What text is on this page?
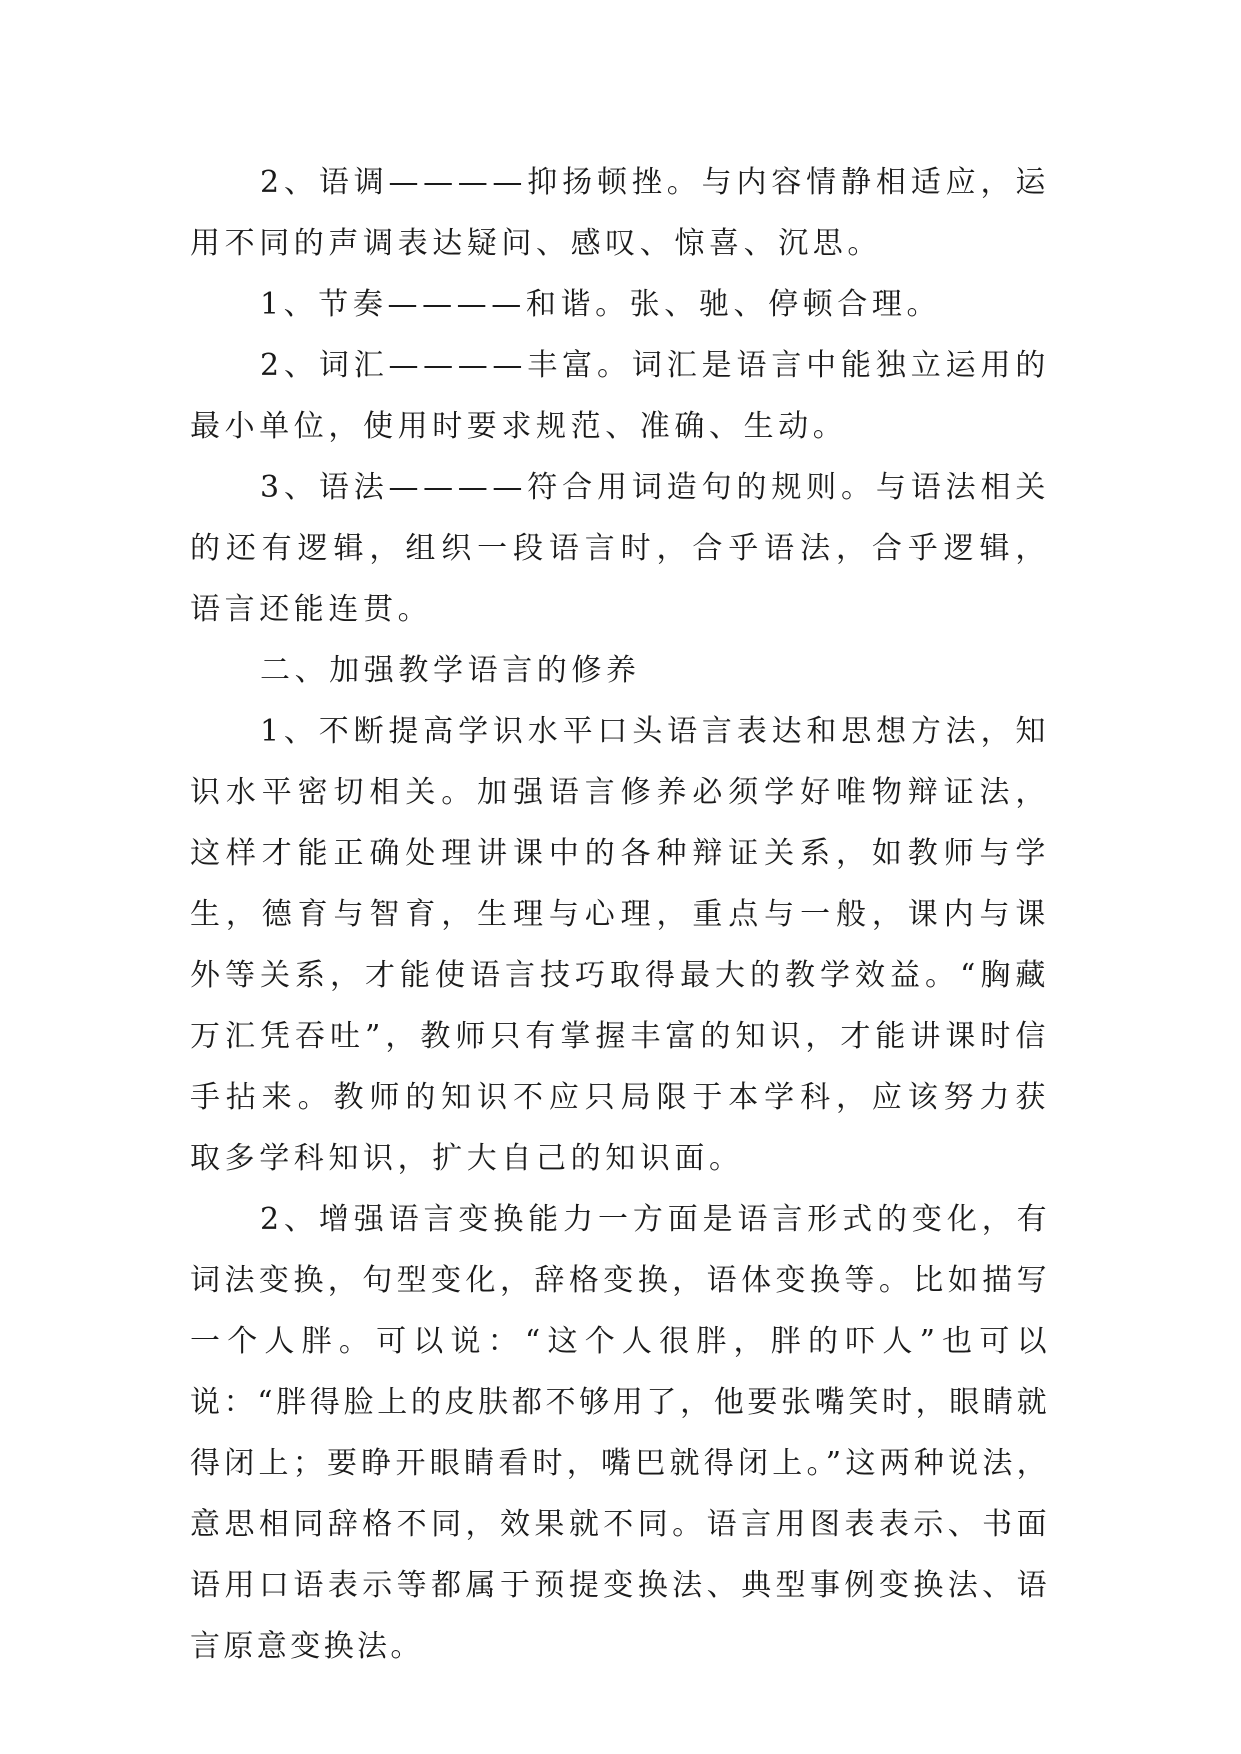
2、语调————抑扬顿挫。与内容情静相适应，运用不同的声调表达疑问、感叹、惊喜、沉思。

1、节奏————和谐。张、驰、停顿合理。

2、词汇————丰富。词汇是语言中能独立运用的最小单位，使用时要求规范、准确、生动。

3、语法————符合用词造句的规则。与语法相关的还有逻辑，组织一段语言时，合乎语法，合乎逻辑，语言还能连贯。

二、加强教学语言的修养

1、不断提高学识水平口头语言表达和思想方法，知识水平密切相关。加强语言修养必须学好唯物辩证法，这样才能正确处理讲课中的各种辩证关系，如教师与学生，德育与智育，生理与心理，重点与一般，课内与课外等关系，才能使语言技巧取得最大的教学效益。“胸藏万汇凭吞吐”，教师只有掌握丰富的知识，才能讲课时信手拈来。教师的知识不应只局限于本学科，应该努力获取多学科知识，扩大自己的知识面。

2、增强语言变换能力一方面是语言形式的变化，有词法变换，句型变化，辞格变换，语体变换等。比如描写一个人胖。可以说：“这个人很胖，胖的吓人”也可以说：“胖得脸上的皮肤都不够用了，他要张嘴笑时，眼睛就得闭上；要睁开眼睛看时，嘴巴就得闭上。”这两种说法，意思相同辞格不同，效果就不同。语言用图表表示、书面语用口语表示等都属于预提变换法、典型事例变换法、语言原意变换法。
